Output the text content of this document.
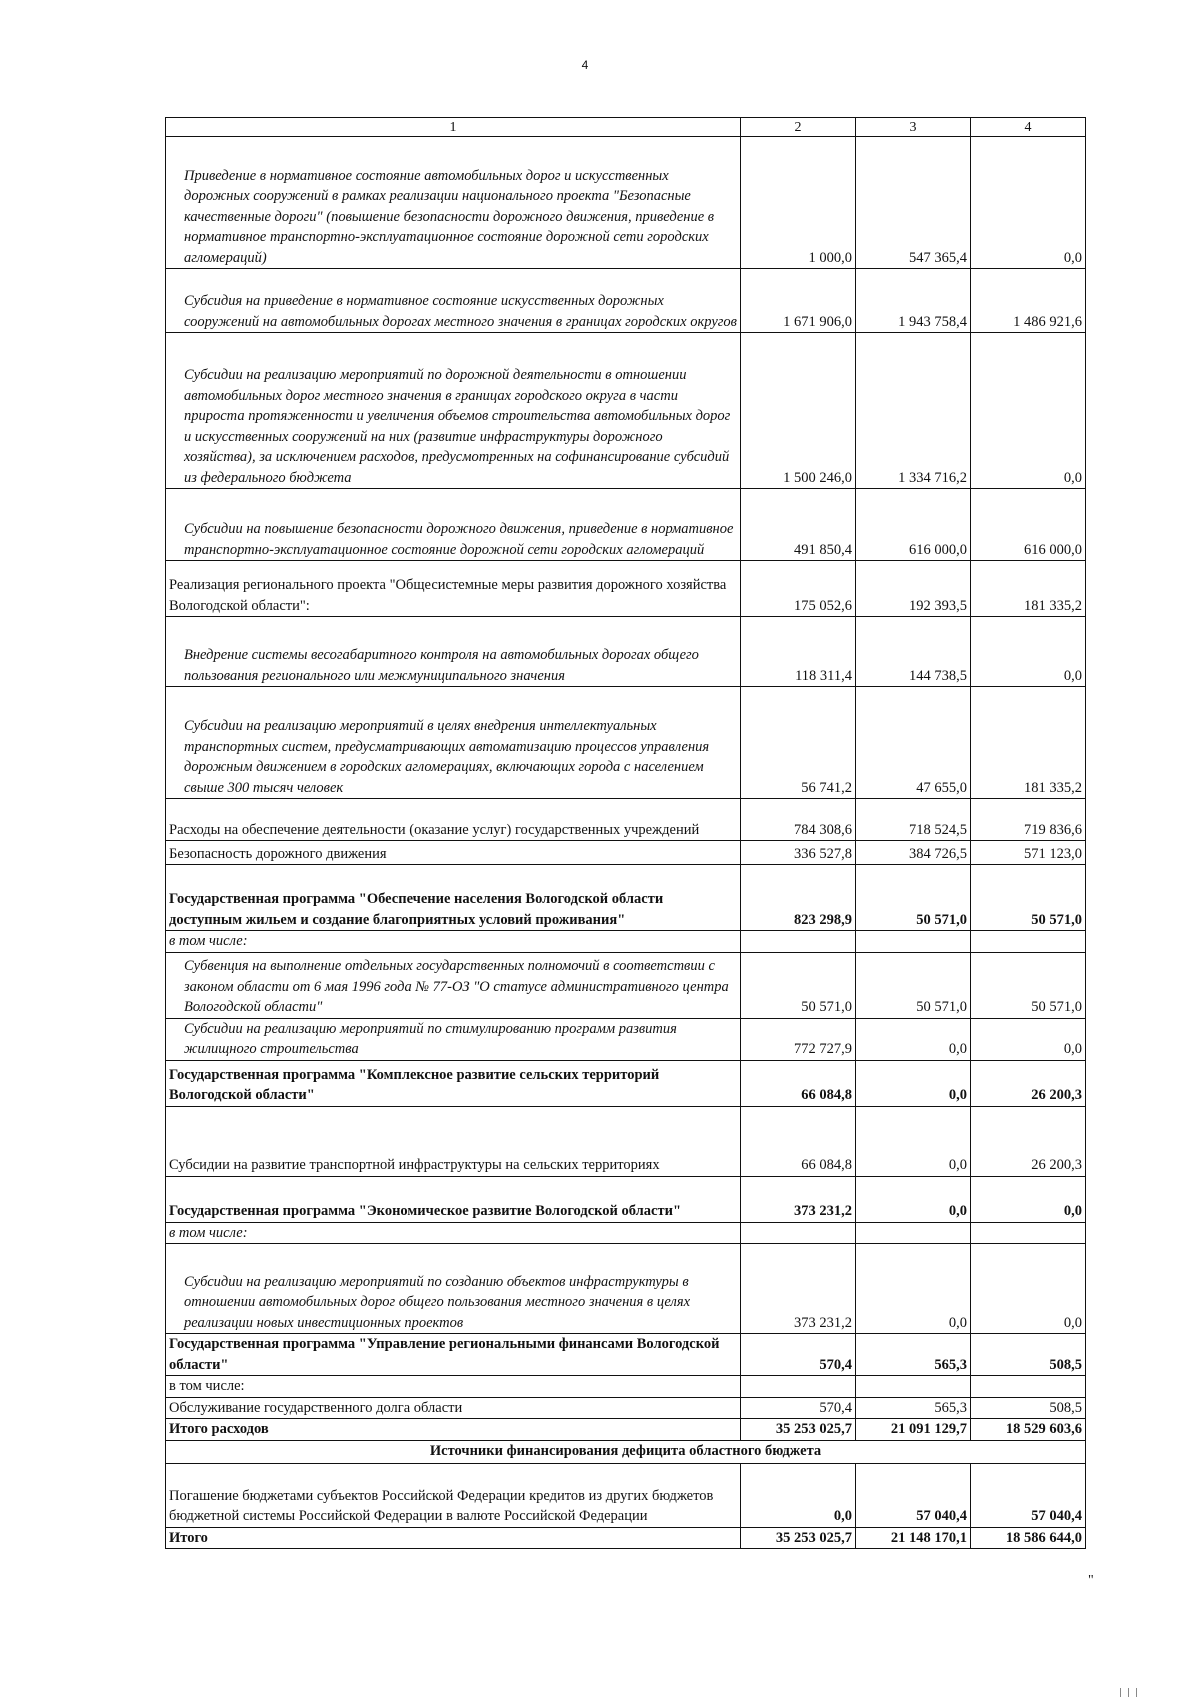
4
1	2	3	4
Приведение в нормативное состояние автомобильных дорог и искусственных дорожных сооружений в рамках реализации национального проекта "Безопасные качественные дороги" (повышение безопасности дорожного движения, приведение в нормативное транспортно-эксплуатационное состояние дорожной сети городских агломераций)	1 000,0	547 365,4	0,0
Субсидия на приведение в нормативное состояние искусственных дорожных сооружений на автомобильных дорогах местного значения в границах городских округов	1 671 906,0	1 943 758,4	1 486 921,6
Субсидии на реализацию мероприятий по дорожной деятельности в отношении автомобильных дорог местного значения в границах городского округа в части прироста протяженности и увеличения объемов строительства автомобильных дорог и искусственных сооружений на них (развитие инфраструктуры дорожного хозяйства), за исключением расходов, предусмотренных на софинансирование субсидий из федерального бюджета	1 500 246,0	1 334 716,2	0,0
Субсидии на повышение безопасности дорожного движения, приведение в нормативное транспортно-эксплуатационное состояние дорожной сети городских агломераций	491 850,4	616 000,0	616 000,0
Реализация регионального проекта "Общесистемные меры развития дорожного хозяйства Вологодской области":	175 052,6	192 393,5	181 335,2
Внедрение системы весогабаритного контроля на автомобильных дорогах общего пользования регионального или межмуниципального значения	118 311,4	144 738,5	0,0
Субсидии на реализацию мероприятий в целях внедрения интеллектуальных транспортных систем, предусматривающих автоматизацию процессов управления дорожным движением в городских агломерациях, включающих города с населением свыше 300 тысяч человек	56 741,2	47 655,0	181 335,2
Расходы на обеспечение деятельности (оказание услуг) государственных учреждений	784 308,6	718 524,5	719 836,6
Безопасность дорожного движения	336 527,8	384 726,5	571 123,0
Государственная программа "Обеспечение населения Вологодской области доступным жильем и создание благоприятных условий проживания"	823 298,9	50 571,0	50 571,0
в том числе:			
Субвенция на выполнение отдельных государственных полномочий в соответствии с законом области от 6 мая 1996 года № 77-ОЗ "О статусе административного центра Вологодской области"	50 571,0	50 571,0	50 571,0
Субсидии на реализацию мероприятий по стимулированию программ развития жилищного строительства	772 727,9	0,0	0,0
Государственная программа "Комплексное развитие сельских территорий Вологодской области"	66 084,8	0,0	26 200,3
Субсидии на развитие транспортной инфраструктуры на сельских территориях	66 084,8	0,0	26 200,3
Государственная программа "Экономическое развитие Вологодской области"	373 231,2	0,0	0,0
в том числе:			
Субсидии на реализацию мероприятий по созданию объектов инфраструктуры в отношении автомобильных дорог общего пользования местного значения в целях реализации новых инвестиционных проектов	373 231,2	0,0	0,0
Государственная программа "Управление региональными финансами Вологодской области"	570,4	565,3	508,5
в том числе:			
Обслуживание государственного долга области	570,4	565,3	508,5
Итого расходов	35 253 025,7	21 091 129,7	18 529 603,6
Источники финансирования дефицита областного бюджета			
Погашение бюджетами субъектов Российской Федерации кредитов из других бюджетов бюджетной системы Российской Федерации в валюте Российской Федерации	0,0	57 040,4	57 040,4
Итого	35 253 025,7	21 148 170,1	18 586 644,0
"
